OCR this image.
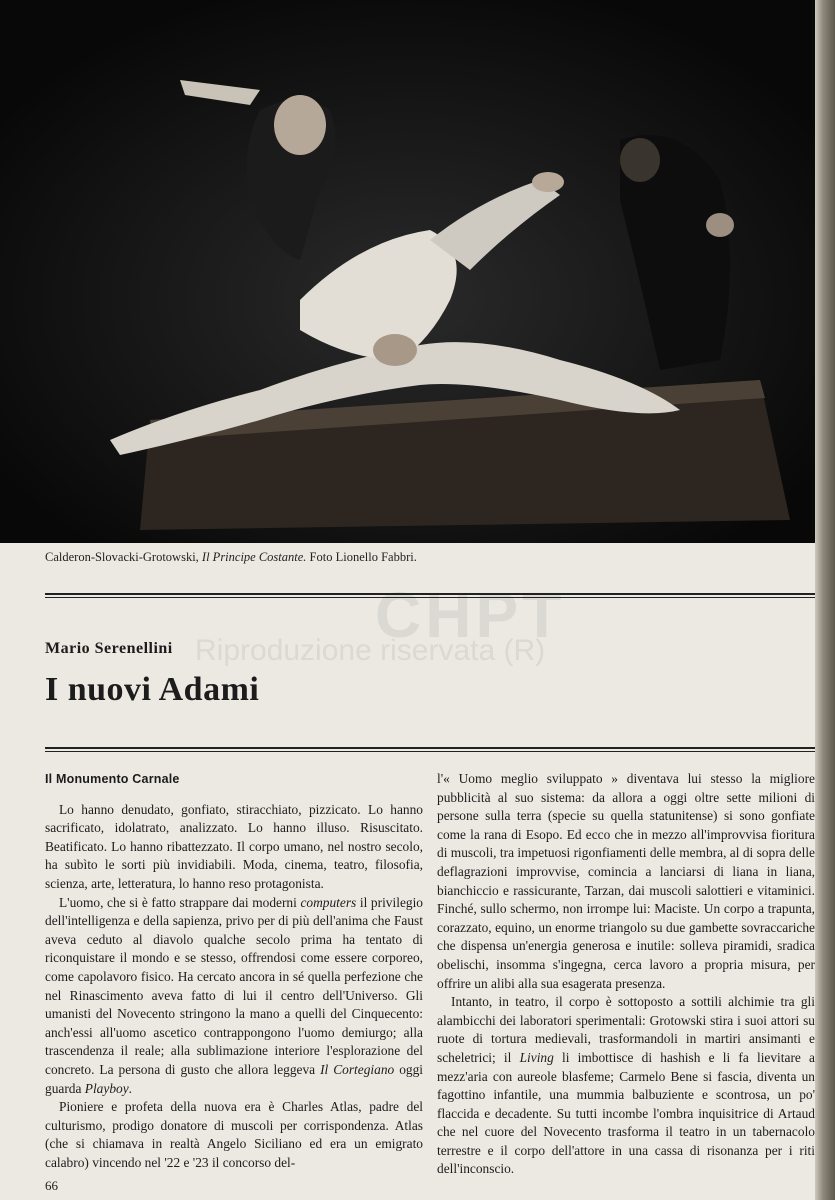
Calderon-Slovacki-Grotowski, Il Principe Costante. Foto Lionello Fabbri.
CHPT
Riproduzione riservata (R)
Mario Serenellini
I nuovi Adami
Il Monumento Carnale

Lo hanno denudato, gonfiato, stiracchiato, pizzicato. Lo hanno sacrificato, idolatrato, analizzato. Lo hanno illuso. Risuscitato. Beatificato. Lo hanno ribattezzato. Il corpo umano, nel nostro secolo, ha subìto le sorti più invidiabili. Moda, cinema, teatro, filosofia, scienza, arte, letteratura, lo hanno reso protagonista.

L'uomo, che si è fatto strappare dai moderni computers il privilegio dell'intelligenza e della sapienza, privo per di più dell'anima che Faust aveva ceduto al diavolo qualche secolo prima ha tentato di riconquistare il mondo e se stesso, offrendosi come essere corporeo, come capolavoro fisico. Ha cercato ancora in sé quella perfezione che nel Rinascimento aveva fatto di lui il centro dell'Universo. Gli umanisti del Novecento stringono la mano a quelli del Cinquecento: anch'essi all'uomo ascetico contrappongono l'uomo demiurgo; alla trascendenza il reale; alla sublimazione interiore l'esplorazione del concreto. La persona di gusto che allora leggeva Il Cortegiano oggi guarda Playboy.

Pioniere e profeta della nuova era è Charles Atlas, padre del culturismo, prodigo donatore di muscoli per corrispondenza. Atlas (che si chiamava in realtà Angelo Siciliano ed era un emigrato calabro) vincendo nel '22 e '23 il concorso del-

l'« Uomo meglio sviluppato » diventava lui stesso la migliore pubblicità al suo sistema: da allora a oggi oltre sette milioni di persone sulla terra (specie su quella statunitense) si sono gonfiate come la rana di Esopo. Ed ecco che in mezzo all'improvvisa fioritura di muscoli, tra impetuosi rigonfiamenti delle membra, al di sopra delle deflagrazioni improvvise, comincia a lanciarsi di liana in liana, bianchiccio e rassicurante, Tarzan, dai muscoli salottieri e vitaminici. Finché, sullo schermo, non irrompe lui: Maciste. Un corpo a trapunta, corazzato, equino, un enorme triangolo su due gambette sovraccariche che dispensa un'energia generosa e inutile: solleva piramidi, sradica obelischi, insomma s'ingegna, cerca lavoro a propria misura, per offrire un alibi alla sua esagerata presenza.

Intanto, in teatro, il corpo è sottoposto a sottili alchimie tra gli alambicchi dei laboratori sperimentali: Grotowski stira i suoi attori su ruote di tortura medievali, trasformandoli in martiri ansimanti e scheletrici; il Living li imbottisce di hashish e li fa lievitare a mezz'aria con aureole blasfeme; Carmelo Bene si fascia, diventa un fagottino infantile, una mummia balbuziente e scontrosa, un po' flaccida e decadente. Su tutti incombe l'ombra inquisitrice di Artaud che nel cuore del Novecento trasforma il teatro in un tabernacolo terrestre e il corpo dell'attore in una cassa di risonanza per i riti dell'inconscio.

66
